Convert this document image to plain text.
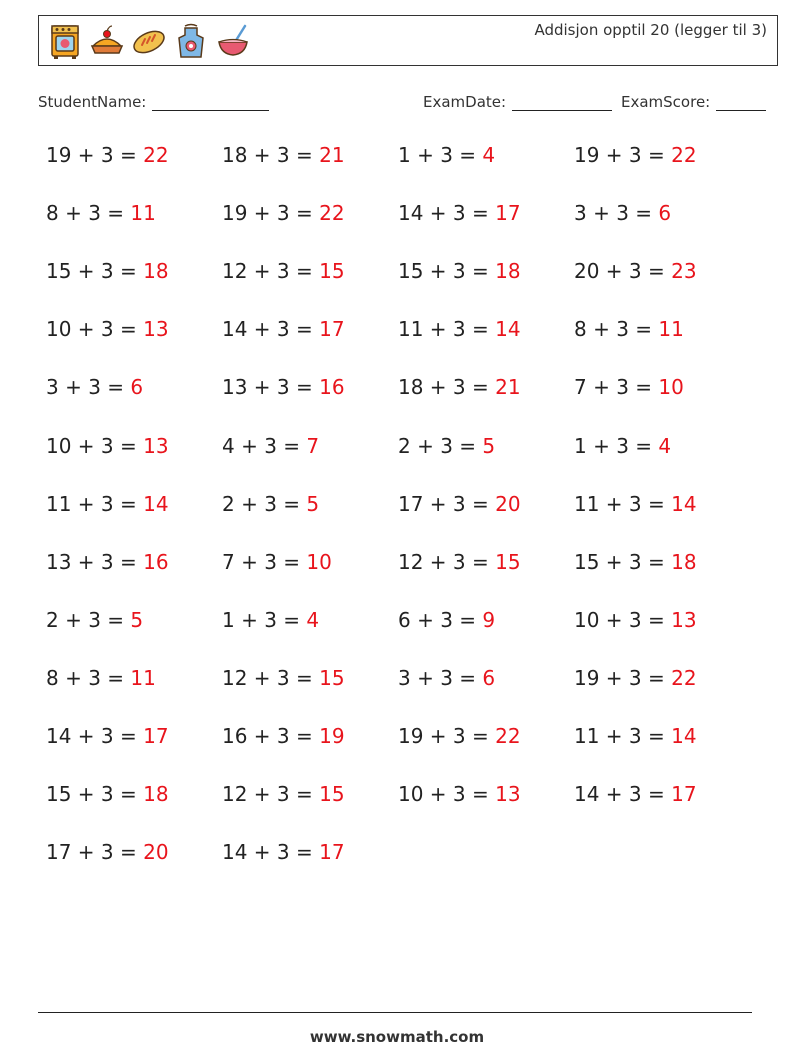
Addisjon opptil 20 (legger til 3)
StudentName:	ExamDate:	ExamScore:
19 + 3 = 22	18 + 3 = 21	1 + 3 = 4	19 + 3 = 22
8 + 3 = 11	19 + 3 = 22	14 + 3 = 17	3 + 3 = 6
15 + 3 = 18	12 + 3 = 15	15 + 3 = 18	20 + 3 = 23
10 + 3 = 13	14 + 3 = 17	11 + 3 = 14	8 + 3 = 11
3 + 3 = 6	13 + 3 = 16	18 + 3 = 21	7 + 3 = 10
10 + 3 = 13	4 + 3 = 7	2 + 3 = 5	1 + 3 = 4
11 + 3 = 14	2 + 3 = 5	17 + 3 = 20	11 + 3 = 14
13 + 3 = 16	7 + 3 = 10	12 + 3 = 15	15 + 3 = 18
2 + 3 = 5	1 + 3 = 4	6 + 3 = 9	10 + 3 = 13
8 + 3 = 11	12 + 3 = 15	3 + 3 = 6	19 + 3 = 22
14 + 3 = 17	16 + 3 = 19	19 + 3 = 22	11 + 3 = 14
15 + 3 = 18	12 + 3 = 15	10 + 3 = 13	14 + 3 = 17
17 + 3 = 20	14 + 3 = 17
www.snowmath.com
